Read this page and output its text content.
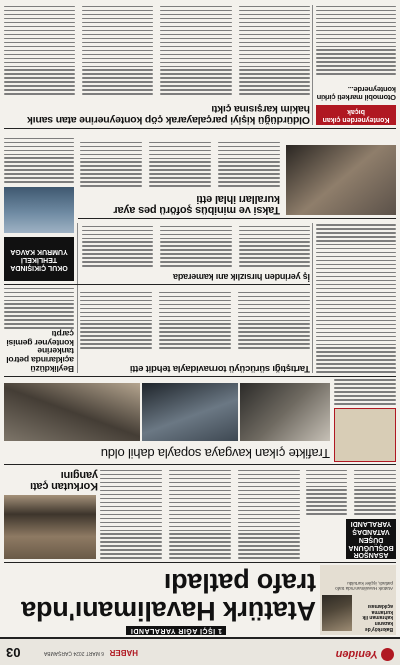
Yeniden
HABER
6 MART 2024 ÇARŞAMBA
03
1 İŞÇİ AĞIR YARALANDI
Atatürk Havalimanı'nda trafo patladı
Bakırköy'de kazanın kahraman ilk kurtarma açıklaması
Atatürk Havalimanı'nda trafo patladı, işçiler kurtuldu
ASANSÖR BOŞLUĞUNA DÜŞEN VATANDAŞ YARALANDI
Korkutan çatı yangını
Trafikte çıkan kavgaya sopayla dahil oldu
Tartıştığı sürücüyü tornavidayla tehdit etti
Beylikdüzü açıklarında petrol tankerine konteyner gemisi çarptı
İş yerinden hırsızlık anı kamerada
OKUL ÇIKIŞINDA TEHLİKELİ YUMRUK KAVGA
Taksi ve minibüs şoförü pes ayar kuralları ihlal etti
Oldürdüğü kişiyi parçalayarak çöp konteynerine atan sanık hakim karşısına çıktı
Konteynerden çıkan bıçak
Otomobil marketi çirkin konteynerde...
